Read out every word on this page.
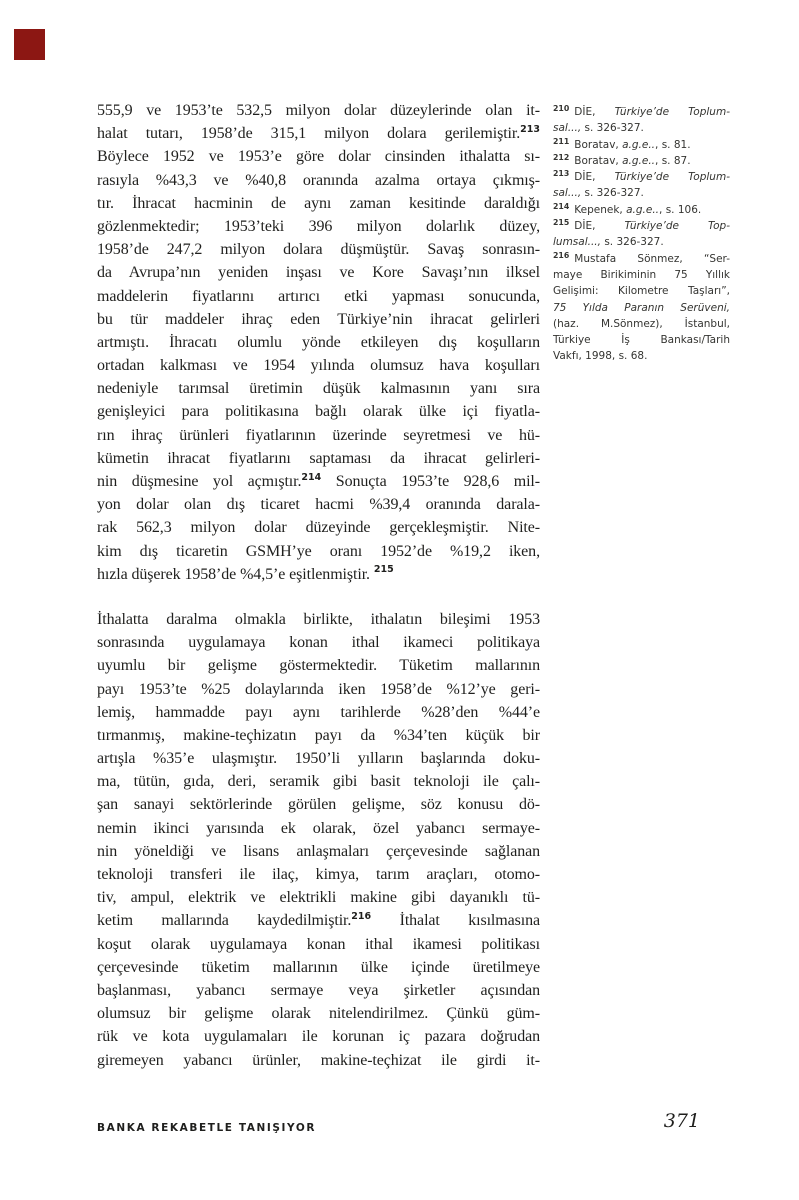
555,9 ve 1953’te 532,5 milyon dolar düzeylerinde olan it-
halat tutarı, 1958’de 315,1 milyon dolara gerilemiştir.$^{213}$
Böylece 1952 ve 1953’e göre dolar cinsinden ithalatta sı-
rasıyla %43,3 ve %40,8 oranında azalma ortaya çıkmış-
tır. İhracat hacminin de aynı zaman kesitinde daraldığı
gözlenmektedir; 1953’teki 396 milyon dolarlık düzey,
1958’de 247,2 milyon dolara düşmüştür. Savaş sonrasın-
da Avrupa’nın yeniden inşası ve Kore Savaşı’nın ilksel
maddelerin fiyatlarını artırıcı etki yapması sonucunda,
bu tür maddeler ihraç eden Türkiye’nin ihracat gelirleri
artmıştı. İhracatı olumlu yönde etkileyen dış koşulların
ortadan kalkması ve 1954 yılında olumsuz hava koşulları
nedeniyle tarımsal üretimin düşük kalmasının yanı sıra
genişleyici para politikasına bağlı olarak ülke içi fiyatla-
rın ihraç ürünleri fiyatlarının üzerinde seyretmesi ve hü-
kümetin ihracat fiyatlarını saptaması da ihracat gelirleri-
nin düşmesine yol açmıştır.$^{214}$ Sonuçta 1953’te 928,6 mil-
yon dolar olan dış ticaret hacmi %39,4 oranında darala-
rak 562,3 milyon dolar düzeyinde gerçekleşmiştir. Nite-
kim dış ticaretin GSMH’ye oranı 1952’de %19,2 iken,
hızla düşerek 1958’de %4,5’e eşitlenmiştir. $^{215}$
İthalatta daralma olmakla birlikte, ithalatın bileşimi 1953
sonrasında uygulamaya konan ithal ikameci politikaya
uyumlu bir gelişme göstermektedir. Tüketim mallarının
payı 1953’te %25 dolaylarında iken 1958’de %12’ye geri-
lemiş, hammadde payı aynı tarihlerde %28’den %44’e
tırmanmış, makine-teçhizatın payı da %34’ten küçük bir
artışla %35’e ulaşmıştır. 1950’li yılların başlarında doku-
ma, tütün, gıda, deri, seramik gibi basit teknoloji ile çalı-
şan sanayi sektörlerinde görülen gelişme, söz konusu dö-
nemin ikinci yarısında ek olarak, özel yabancı sermaye-
nin yöneldiği ve lisans anlaşmaları çerçevesinde sağlanan
teknoloji transferi ile ilaç, kimya, tarım araçları, otomo-
tiv, ampul, elektrik ve elektrikli makine gibi dayanıklı tü-
ketim mallarında kaydedilmiştir.$^{216}$ İthalat kısılmasına
koşut olarak uygulamaya konan ithal ikamesi politikası
çerçevesinde tüketim mallarının ülke içinde üretilmeye
başlanması, yabancı sermaye veya şirketler açısından
olumsuz bir gelişme olarak nitelendirilmez. Çünkü güm-
rük ve kota uygulamaları ile korunan iç pazara doğrudan
giremeyen yabancı ürünler, makine-teçhizat ile girdi it-
$^{210}$ DİE, Türkiye’de Toplum-
sal..., s. 326-327.
$^{211}$ Boratav, a.g.e.., s. 81.
$^{212}$ Boratav, a.g.e.., s. 87.
$^{213}$ DİE, Türkiye’de Toplum-
sal..., s. 326-327.
$^{214}$ Kepenek, a.g.e.., s. 106.
$^{215}$ DİE, Türkiye’de Top-
lumsal..., s. 326-327.
$^{216}$ Mustafa Sönmez, “Ser-
maye Birikiminin 75 Yıllık
Gelişimi: Kilometre Taşları”,
75 Yılda Paranın Serüveni,
(haz. M.Sönmez), İstanbul,
Türkiye İş Bankası/Tarih
Vakfı, 1998, s. 68.
BANKA REKABETLE TANIŞIYOR	371
